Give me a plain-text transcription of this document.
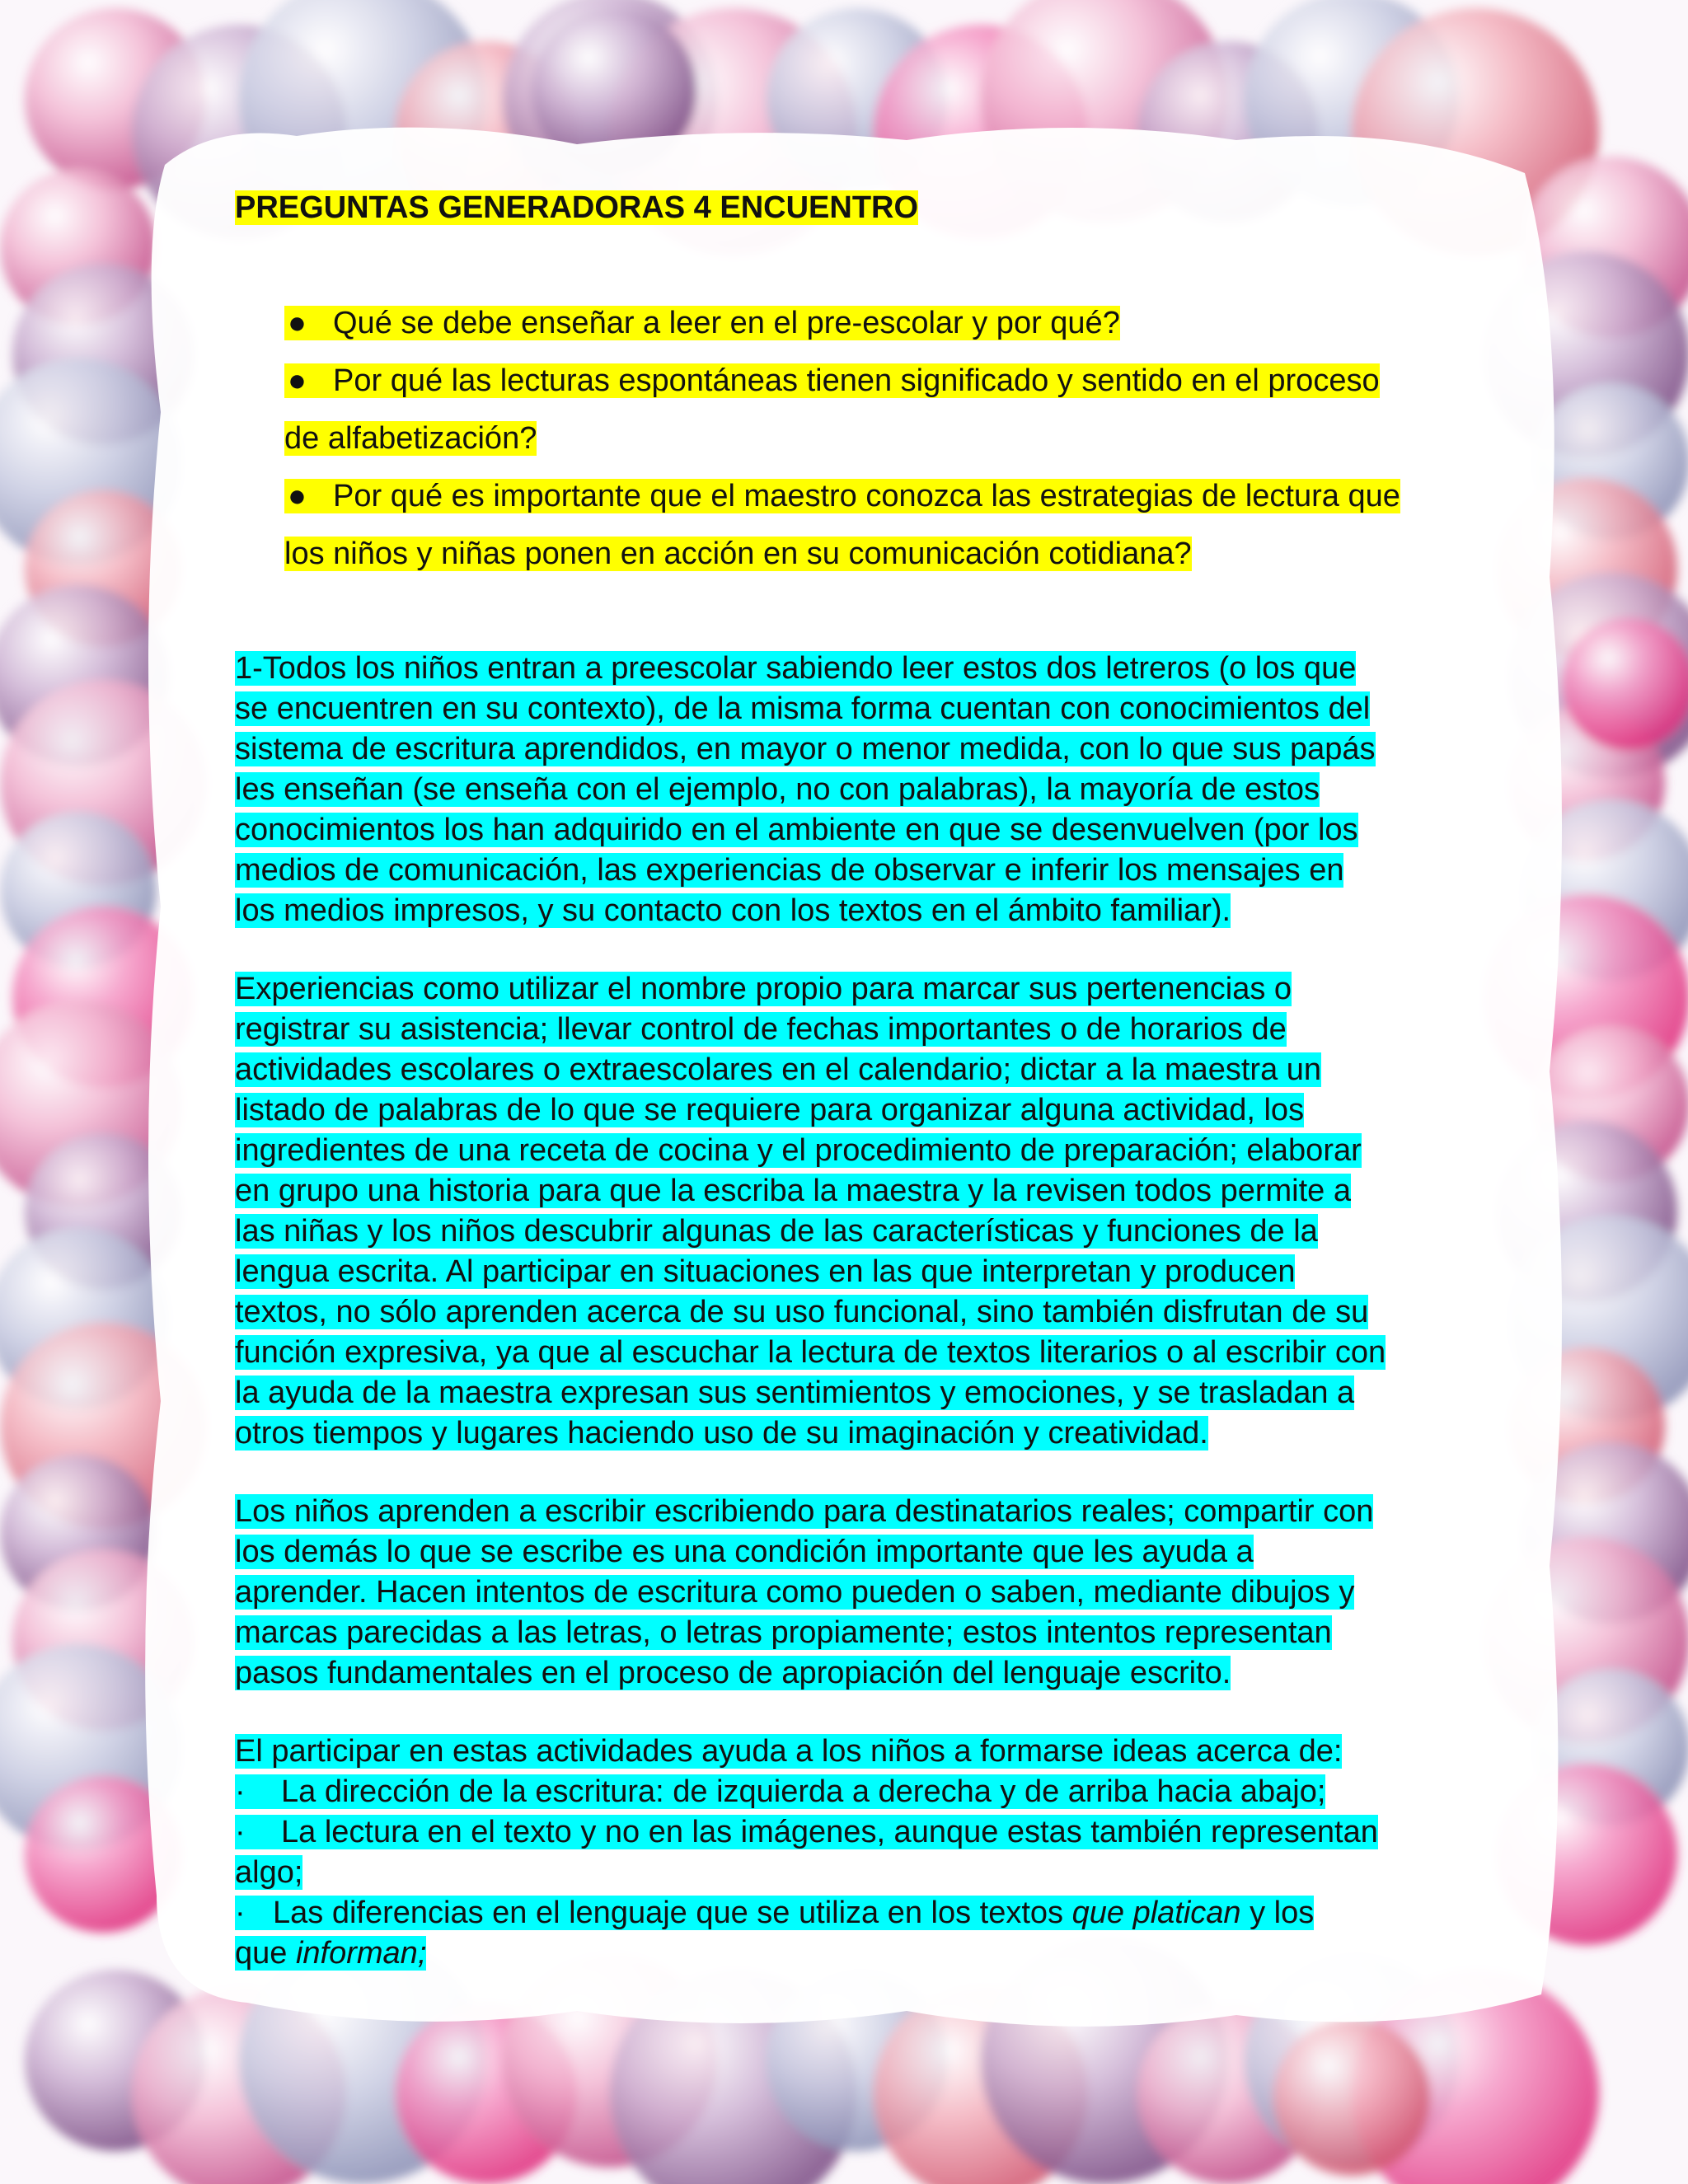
PREGUNTAS GENERADORAS 4 ENCUENTRO
● Qué se debe enseñar a leer en el pre-escolar y por qué?
● Por qué las lecturas espontáneas tienen significado y sentido en el proceso
de alfabetización?
● Por qué es importante que el maestro conozca las estrategias de lectura que
los niños y niñas ponen en acción en su comunicación cotidiana?
1-Todos los niños entran a preescolar sabiendo leer estos dos letreros (o los que
se encuentren en su contexto), de la misma forma cuentan con conocimientos del
sistema de escritura aprendidos, en mayor o menor medida, con lo que sus papás
les enseñan (se enseña con el ejemplo, no con palabras), la mayoría de estos
conocimientos los han adquirido en el ambiente en que se desenvuelven (por los
medios de comunicación, las experiencias de observar e inferir los mensajes en
los medios impresos, y su contacto con los textos en el ámbito familiar).
Experiencias como utilizar el nombre propio para marcar sus pertenencias o
registrar su asistencia; llevar control de fechas importantes o de horarios de
actividades escolares o extraescolares en el calendario; dictar a la maestra un
listado de palabras de lo que se requiere para organizar alguna actividad, los
ingredientes de una receta de cocina y el procedimiento de preparación; elaborar
en grupo una historia para que la escriba la maestra y la revisen todos permite a
las niñas y los niños descubrir algunas de las características y funciones de la
lengua escrita. Al participar en situaciones en las que interpretan y producen
textos, no sólo aprenden acerca de su uso funcional, sino también disfrutan de su
función expresiva, ya que al escuchar la lectura de textos literarios o al escribir con
la ayuda de la maestra expresan sus sentimientos y emociones, y se trasladan a
otros tiempos y lugares haciendo uso de su imaginación y creatividad.
Los niños aprenden a escribir escribiendo para destinatarios reales; compartir con
los demás lo que se escribe es una condición importante que les ayuda a
aprender. Hacen intentos de escritura como pueden o saben, mediante dibujos y
marcas parecidas a las letras, o letras propiamente; estos intentos representan
pasos fundamentales en el proceso de apropiación del lenguaje escrito.
El participar en estas actividades ayuda a los niños a formarse ideas acerca de:
· La dirección de la escritura: de izquierda a derecha y de arriba hacia abajo;
· La lectura en el texto y no en las imágenes, aunque estas también representan
algo;
· Las diferencias en el lenguaje que se utiliza en los textos que platican y los
que informan;
